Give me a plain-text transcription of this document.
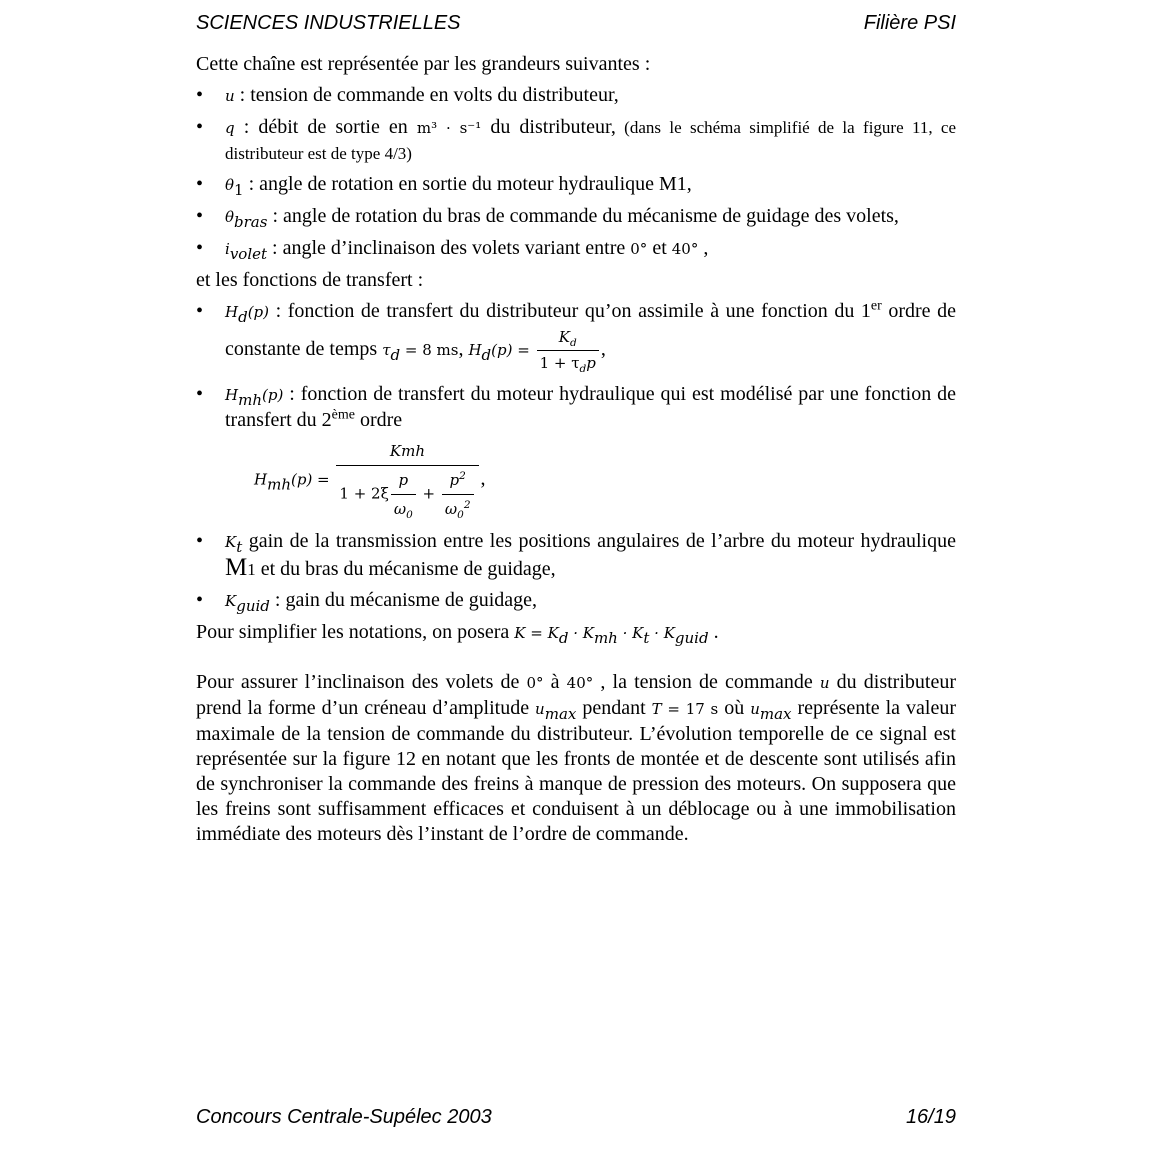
SCIENCES INDUSTRIELLES	Filière PSI

Cette chaîne est représentée par les grandeurs suivantes :

• u : tension de commande en volts du distributeur,
• q : débit de sortie en m³ · s⁻¹ du distributeur, (dans le schéma simplifié de la figure 11, ce distributeur est de type 4/3)
• $\theta_1$ : angle de rotation en sortie du moteur hydraulique M1,
• $\theta_{bras}$ : angle de rotation du bras de commande du mécanisme de guidage des volets,
• $i_{volet}$ : angle d’inclinaison des volets variant entre 0° et 40° ,

et les fonctions de transfert :

• $H_d(p)$ : fonction de transfert du distributeur qu’on assimile à une fonction du 1er ordre de constante de temps $\tau_d = 8$ ms, $H_d(p) = \frac{K_d}{1 + \tau_dp}$ ,
• $H_{mh}(p)$ : fonction de transfert du moteur hydraulique qui est modélisé par une fonction de transfert du 2ème ordre
$H_{mh}(p) = \frac{\text{Kmh}}{1 + 2\xi \frac{p}{\omega_0} + \frac{p^2}{\omega_0^2}}$ ,
• $K_t$ gain de la transmission entre les positions angulaires de l’arbre du moteur hydraulique M1 et du bras du mécanisme de guidage,
• $K_{guid}$ : gain du mécanisme de guidage,

Pour simplifier les notations, on posera $K = K_d \cdot K_{mh} \cdot K_t \cdot K_{guid}$ .

Pour assurer l’inclinaison des volets de 0° à 40° , la tension de commande u du distributeur prend la forme d’un créneau d’amplitude $u_{max}$ pendant T = 17 s où $u_{max}$ représente la valeur maximale de la tension de commande du distributeur. L’évolution temporelle de ce signal est représentée sur la figure 12 en notant que les fronts de montée et de descente sont utilisés afin de synchroniser la commande des freins à manque de pression des moteurs. On supposera que les freins sont suffisamment efficaces et conduisent à un déblocage ou à une immobilisation immédiate des moteurs dès l’instant de l’ordre de commande.

Concours Centrale-Supélec 2003	16/19
